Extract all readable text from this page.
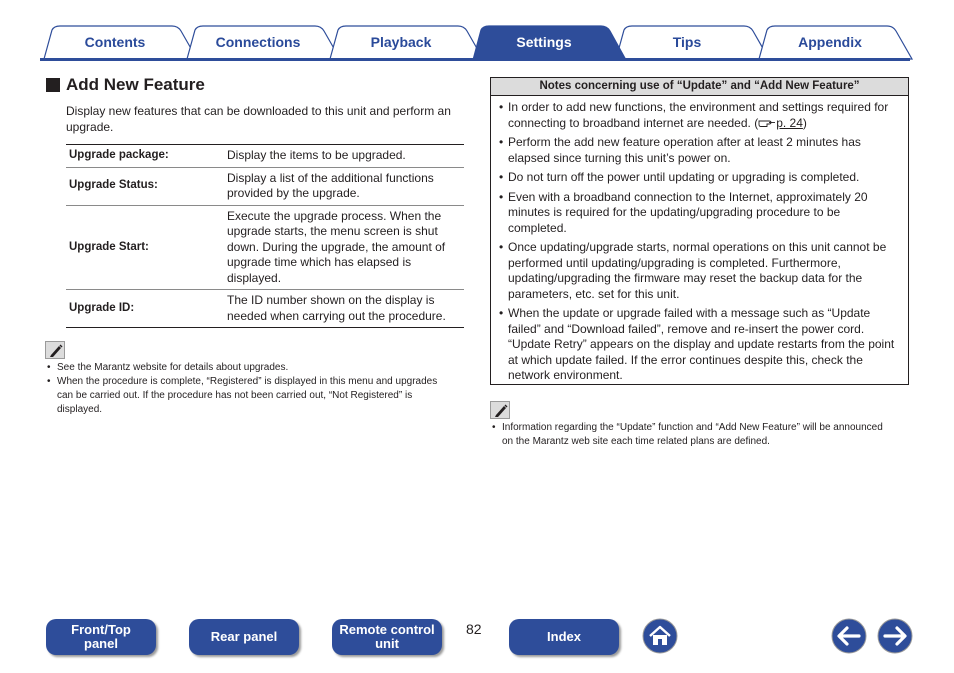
Contents	Connections	Playback	Settings	Tips	Appendix
Add New Feature
Display new features that can be downloaded to this unit and perform an upgrade.
Upgrade package:	Display the items to be upgraded.
Upgrade Status:	Display a list of the additional functions provided by the upgrade.
Upgrade Start:	Execute the upgrade process. When the upgrade starts, the menu screen is shut down. During the upgrade, the amount of upgrade time which has elapsed is displayed.
Upgrade ID:	The ID number shown on the display is needed when carrying out the procedure.
• See the Marantz website for details about upgrades.
• When the procedure is complete, “Registered” is displayed in this menu and upgrades can be carried out. If the procedure has not been carried out, “Not Registered” is displayed.
Notes concerning use of “Update” and “Add New Feature”
• In order to add new functions, the environment and settings required for connecting to broadband internet are needed. ( p. 24)
• Perform the add new feature operation after at least 2 minutes has elapsed since turning this unit’s power on.
• Do not turn off the power until updating or upgrading is completed.
• Even with a broadband connection to the Internet, approximately 20 minutes is required for the updating/upgrading procedure to be completed.
• Once updating/upgrade starts, normal operations on this unit cannot be performed until updating/upgrading is completed. Furthermore, updating/upgrading the firmware may reset the backup data for the parameters, etc. set for this unit.
• When the update or upgrade failed with a message such as “Update failed” and “Download failed”, remove and re-insert the power cord. “Update Retry” appears on the display and update restarts from the point at which update failed. If the error continues despite this, check the network environment.
• Information regarding the “Update” function and “Add New Feature” will be announced on the Marantz web site each time related plans are defined.
Front/Top
panel	Rear panel	Remote control
unit
82	Index
